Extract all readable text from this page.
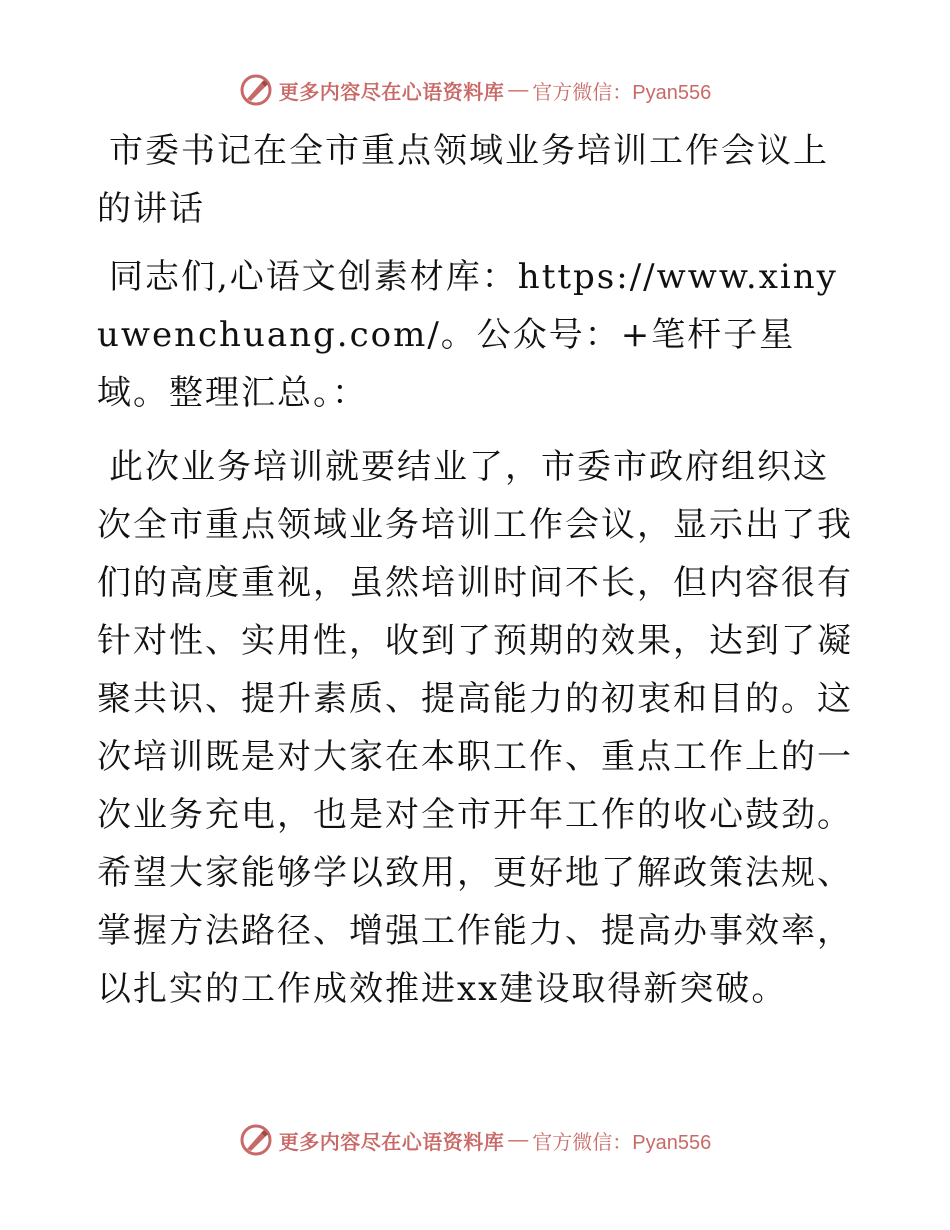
更多内容尽在心语资料库 — 官方微信：Pyan556

市委书记在全市重点领域业务培训工作会议上的讲话

同志们,心语文创素材库：https://www.xinyuwenchuang.com/。公众号：+笔杆子星域。整理汇总。：

此次业务培训就要结业了，市委市政府组织这次全市重点领域业务培训工作会议，显示出了我们的高度重视，虽然培训时间不长，但内容很有针对性、实用性，收到了预期的效果，达到了凝聚共识、提升素质、提高能力的初衷和目的。这次培训既是对大家在本职工作、重点工作上的一次业务充电，也是对全市开年工作的收心鼓劲。希望大家能够学以致用，更好地了解政策法规、掌握方法路径、增强工作能力、提高办事效率，以扎实的工作成效推进xx建设取得新突破。

更多内容尽在心语资料库 — 官方微信：Pyan556
